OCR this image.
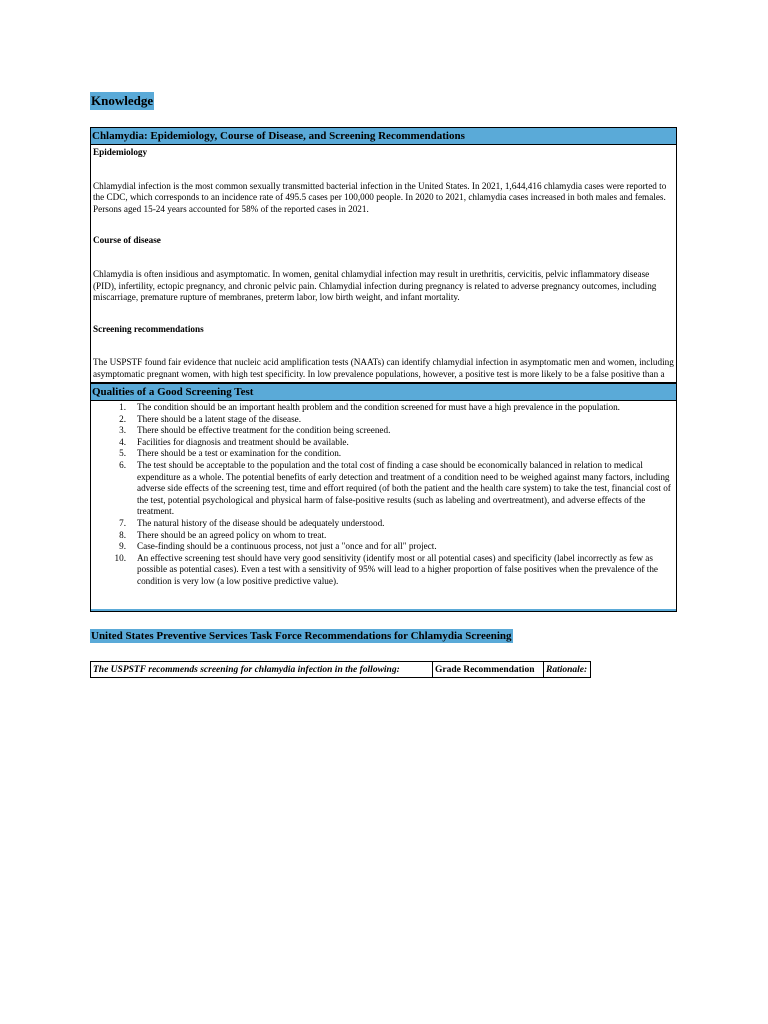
Knowledge
Chlamydia: Epidemiology, Course of Disease, and Screening Recommendations
Epidemiology

Chlamydial infection is the most common sexually transmitted bacterial infection in the United States. In 2021, 1,644,416 chlamydia cases were reported to the CDC, which corresponds to an incidence rate of 495.5 cases per 100,000 people. In 2020 to 2021, chlamydia cases increased in both males and females. Persons aged 15-24 years accounted for 58% of the reported cases in 2021.

Course of disease

Chlamydia is often insidious and asymptomatic. In women, genital chlamydial infection may result in urethritis, cervicitis, pelvic inflammatory disease (PID), infertility, ectopic pregnancy, and chronic pelvic pain. Chlamydial infection during pregnancy is related to adverse pregnancy outcomes, including miscarriage, premature rupture of membranes, preterm labor, low birth weight, and infant mortality.

Screening recommendations

The USPSTF found fair evidence that nucleic acid amplification tests (NAATs) can identify chlamydial infection in asymptomatic men and women, including asymptomatic pregnant women, with high test specificity. In low prevalence populations, however, a positive test is more likely to be a false positive than a

Qualities of a Good Screening Test
1.	The condition should be an important health problem and the condition screened for must have a high prevalence in the population.
2.	There should be a latent stage of the disease.
3.	There should be effective treatment for the condition being screened.
4.	Facilities for diagnosis and treatment should be available.
5.	There should be a test or examination for the condition.
6.	The test should be acceptable to the population and the total cost of finding a case should be economically balanced in relation to medical expenditure as a whole. The potential benefits of early detection and treatment of a condition need to be weighed against many factors, including adverse side effects of the screening test, time and effort required (of both the patient and the health care system) to take the test, financial cost of the test, potential psychological and physical harm of false-positive results (such as labeling and overtreatment), and adverse effects of the treatment.
7.	The natural history of the disease should be adequately understood.
8.	There should be an agreed policy on whom to treat.
9.	Case-finding should be a continuous process, not just a "once and for all" project.
10.	An effective screening test should have very good sensitivity (identify most or all potential cases) and specificity (label incorrectly as few as possible as potential cases). Even a test with a sensitivity of 95% will lead to a higher proportion of false positives when the prevalence of the condition is very low (a low positive predictive value).
United States Preventive Services Task Force Recommendations for Chlamydia Screening
The USPSTF recommends screening for chlamydia infection in the following:	Grade Recommendation	Rationale:
